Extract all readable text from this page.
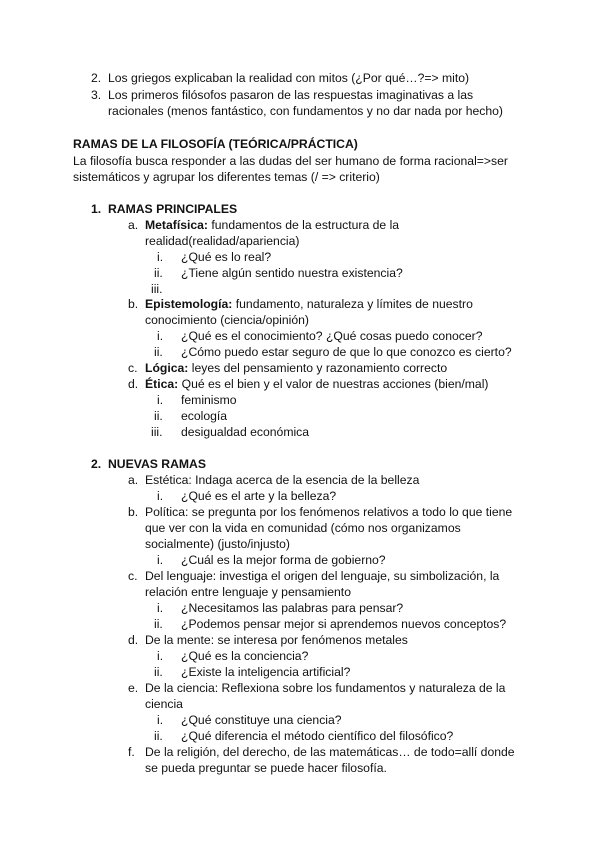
2. Los griegos explicaban la realidad con mitos (¿Por qué…?=> mito)
3. Los primeros filósofos pasaron de las respuestas imaginativas a las
racionales (menos fantástico, con fundamentos y no dar nada por hecho)
RAMAS DE LA FILOSOFÍA (TEÓRICA/PRÁCTICA)
La filosofía busca responder a las dudas del ser humano de forma racional=>ser
sistemáticos y agrupar los diferentes temas (/ => criterio)
1. RAMAS PRINCIPALES
a. Metafísica: fundamentos de la estructura de la
realidad(realidad/apariencia)
i. ¿Qué es lo real?
ii. ¿Tiene algún sentido nuestra existencia?
iii.
b. Epistemología: fundamento, naturaleza y límites de nuestro
conocimiento (ciencia/opinión)
i. ¿Qué es el conocimiento? ¿Qué cosas puedo conocer?
ii. ¿Cómo puedo estar seguro de que lo que conozco es cierto?
c. Lógica: leyes del pensamiento y razonamiento correcto
d. Ética: Qué es el bien y el valor de nuestras acciones (bien/mal)
i. feminismo
ii. ecología
iii. desigualdad económica
2. NUEVAS RAMAS
a. Estética: Indaga acerca de la esencia de la belleza
i. ¿Qué es el arte y la belleza?
b. Política: se pregunta por los fenómenos relativos a todo lo que tiene
que ver con la vida en comunidad (cómo nos organizamos
socialmente) (justo/injusto)
i. ¿Cuál es la mejor forma de gobierno?
c. Del lenguaje: investiga el origen del lenguaje, su simbolización, la
relación entre lenguaje y pensamiento
i. ¿Necesitamos las palabras para pensar?
ii. ¿Podemos pensar mejor si aprendemos nuevos conceptos?
d. De la mente: se interesa por fenómenos metales
i. ¿Qué es la conciencia?
ii. ¿Existe la inteligencia artificial?
e. De la ciencia: Reflexiona sobre los fundamentos y naturaleza de la
ciencia
i. ¿Qué constituye una ciencia?
ii. ¿Qué diferencia el método científico del filosófico?
f. De la religión, del derecho, de las matemáticas… de todo=allí donde
se pueda preguntar se puede hacer filosofía.
